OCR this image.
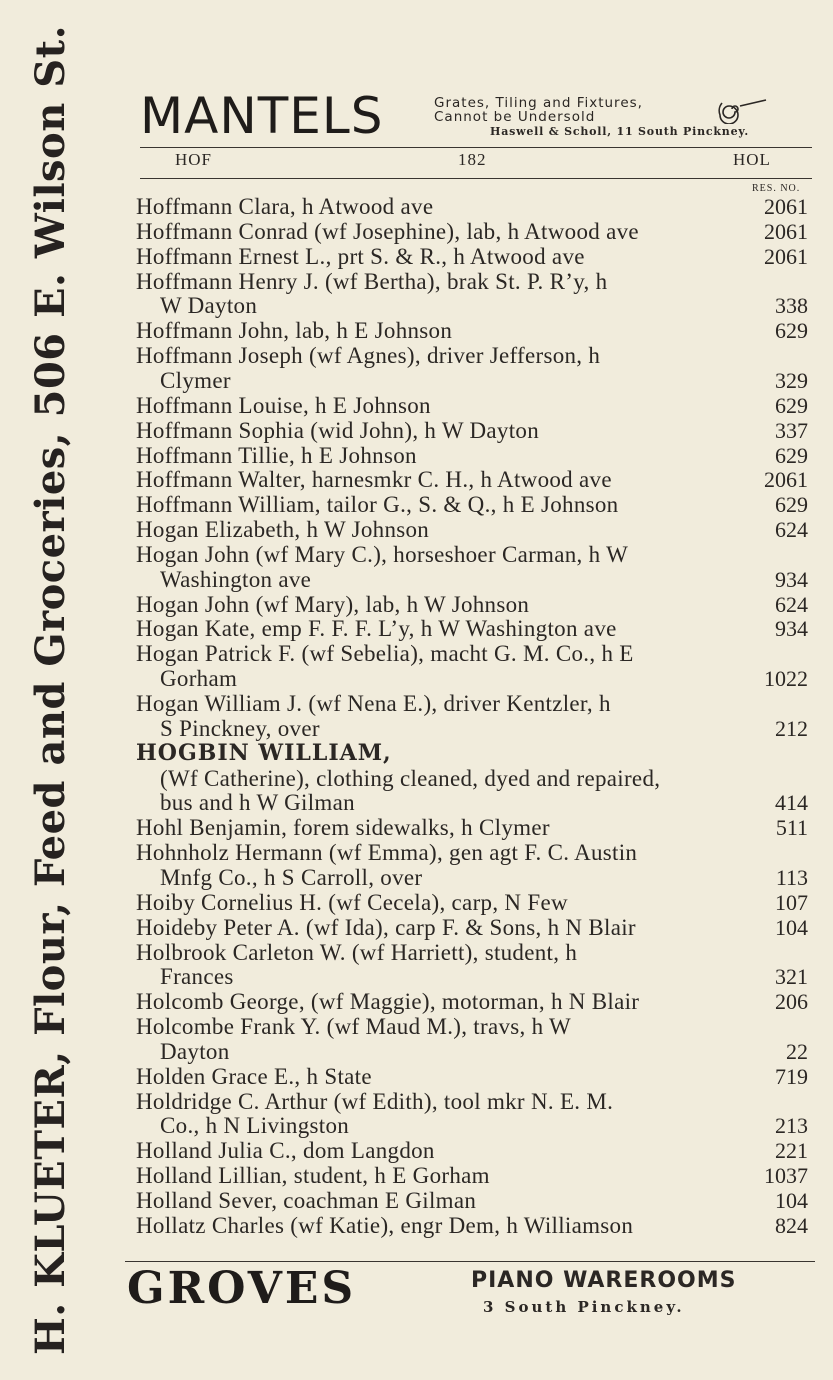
H. KLUETER, Flour, Feed and Groceries, 506 E. Wilson St. MANTELS	Grates, Tiling and Fixtures,
Cannot be Undersold
Haswell & Scholl, 11 South Pinckney.
HOF	182	HOL
RES. NO.
Hoffmann Clara, h Atwood ave	2061
Hoffmann Conrad (wf Josephine), lab, h Atwood ave	2061
Hoffmann Ernest L., prt S. & R., h Atwood ave	2061
Hoffmann Henry J. (wf Bertha), brak St. P. R’y, h
W Dayton	338
Hoffmann John, lab, h E Johnson	629
Hoffmann Joseph (wf Agnes), driver Jefferson, h
Clymer	329
Hoffmann Louise, h E Johnson	629
Hoffmann Sophia (wid John), h W Dayton	337
Hoffmann Tillie, h E Johnson	629
Hoffmann Walter, harnesmkr C. H., h Atwood ave	2061
Hoffmann William, tailor G., S. & Q., h E Johnson	629
Hogan Elizabeth, h W Johnson	624
Hogan John (wf Mary C.), horseshoer Carman, h W
Washington ave	934
Hogan John (wf Mary), lab, h W Johnson	624
Hogan Kate, emp F. F. F. L’y, h W Washington ave	934
Hogan Patrick F. (wf Sebelia), macht G. M. Co., h E
Gorham	1022
Hogan William J. (wf Nena E.), driver Kentzler, h
S Pinckney, over	212
HOGBIN WILLIAM,
(Wf Catherine), clothing cleaned, dyed and repaired,
bus and h W Gilman	414
Hohl Benjamin, forem sidewalks, h Clymer	511
Hohnholz Hermann (wf Emma), gen agt F. C. Austin
Mnfg Co., h S Carroll, over	113
Hoiby Cornelius H. (wf Cecela), carp, N Few	107
Hoideby Peter A. (wf Ida), carp F. & Sons, h N Blair	104
Holbrook Carleton W. (wf Harriett), student, h
Frances	321
Holcomb George, (wf Maggie), motorman, h N Blair	206
Holcombe Frank Y. (wf Maud M.), travs, h W
Dayton	22
Holden Grace E., h State	719
Holdridge C. Arthur (wf Edith), tool mkr N. E. M.
Co., h N Livingston	213
Holland Julia C., dom Langdon	221
Holland Lillian, student, h E Gorham	1037
Holland Sever, coachman E Gilman	104
Hollatz Charles (wf Katie), engr Dem, h Williamson	824
GROVES	PIANO WAREROOMS
3 South Pinckney.
